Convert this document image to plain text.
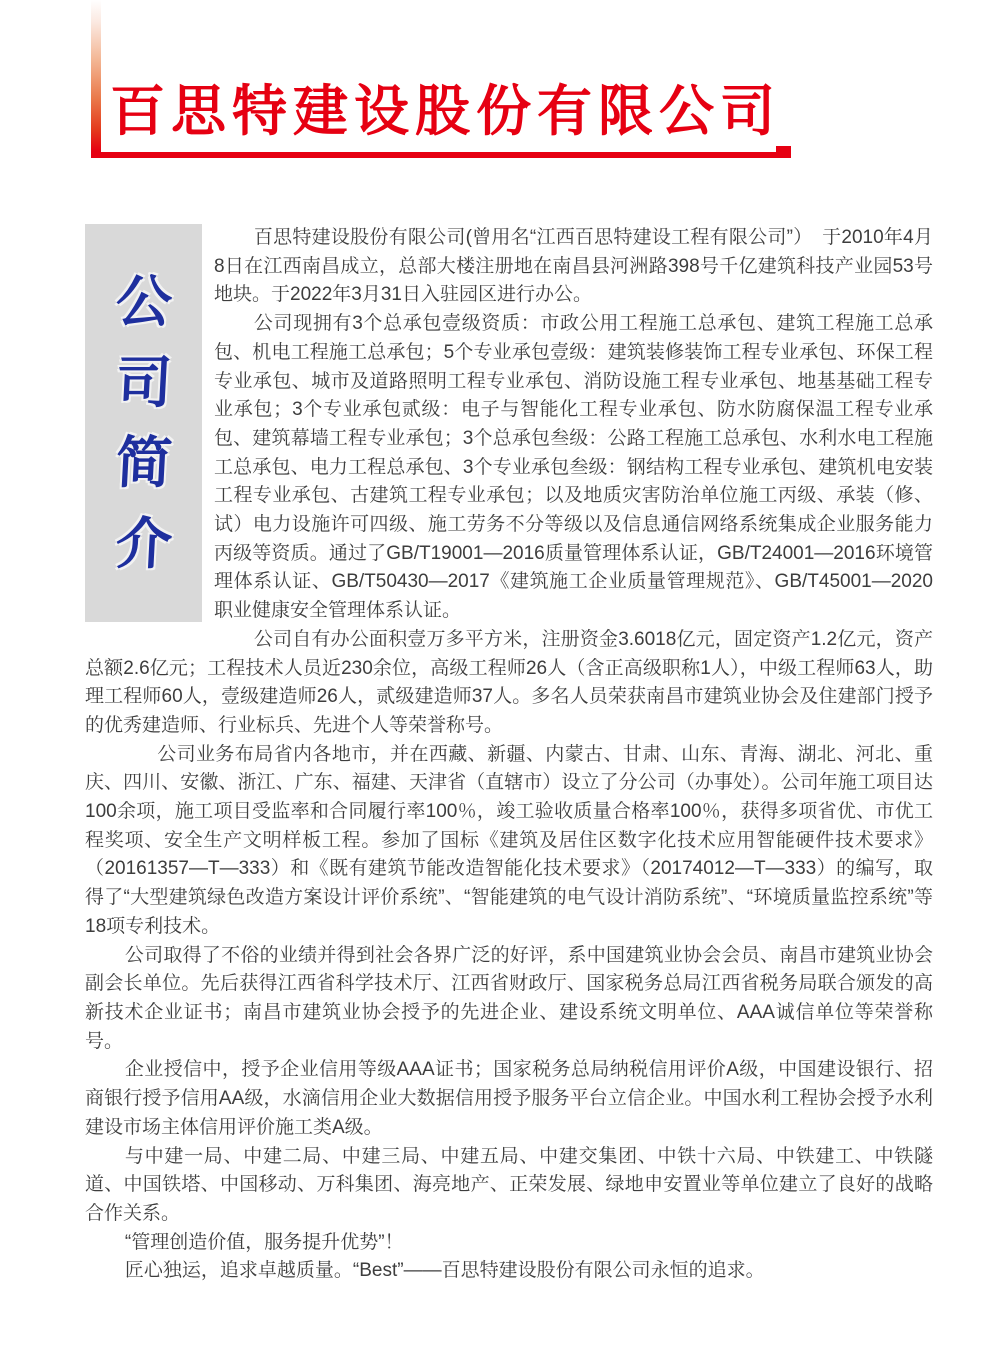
百思特建设股份有限公司
公
司
简
介

百思特建设股份有限公司(曾用名“江西百思特建设工程有限公司”）　于2010年4月8日在江西南昌成立，总部大楼注册地在南昌县河洲路398号千亿建筑科技产业园53号地块。于2022年3月31日入驻园区进行办公。

公司现拥有3个总承包壹级资质：市政公用工程施工总承包、建筑工程施工总承包、机电工程施工总承包；5个专业承包壹级：建筑装修装饰工程专业承包、环保工程专业承包、城市及道路照明工程专业承包、消防设施工程专业承包、地基基础工程专业承包；3个专业承包贰级：电子与智能化工程专业承包、防水防腐保温工程专业承包、建筑幕墙工程专业承包；3个总承包叁级：公路工程施工总承包、水利水电工程施工总承包、电力工程总承包、3个专业承包叁级：钢结构工程专业承包、建筑机电安装工程专业承包、古建筑工程专业承包；以及地质灾害防治单位施工丙级、承装（修、试）电力设施许可四级、施工劳务不分等级以及信息通信网络系统集成企业服务能力丙级等资质。通过了GB/T19001—2016质量管理体系认证，GB/T24001—2016环境管理体系认证、GB/T50430—2017《建筑施工企业质量管理规范》、GB/T45001—2020职业健康安全管理体系认证。

公司自有办公面积壹万多平方米，注册资金3.6018亿元，固定资产1.2亿元，资产总额2.6亿元；工程技术人员近230余位，高级工程师26人（含正高级职称1人），中级工程师63人，助理工程师60人，壹级建造师26人，贰级建造师37人。多名人员荣获南昌市建筑业协会及住建部门授予的优秀建造师、行业标兵、先进个人等荣誉称号。

公司业务布局省内各地市，并在西藏、新疆、内蒙古、甘肃、山东、青海、湖北、河北、重庆、四川、安徽、浙江、广东、福建、天津省（直辖市）设立了分公司（办事处）。公司年施工项目达100余项，施工项目受监率和合同履行率100％，竣工验收质量合格率100％，获得多项省优、市优工程奖项、安全生产文明样板工程。参加了国标《建筑及居住区数字化技术应用智能硬件技术要求》（20161357—T—333）和《既有建筑节能改造智能化技术要求》（20174012—T—333）的编写，取得了“大型建筑绿色改造方案设计评价系统”、“智能建筑的电气设计消防系统”、“环境质量监控系统”等18项专利技术。

公司取得了不俗的业绩并得到社会各界广泛的好评，系中国建筑业协会会员、南昌市建筑业协会副会长单位。先后获得江西省科学技术厅、江西省财政厅、国家税务总局江西省税务局联合颁发的高新技术企业证书；南昌市建筑业协会授予的先进企业、建设系统文明单位、AAA诚信单位等荣誉称号。

企业授信中，授予企业信用等级AAA证书；国家税务总局纳税信用评价A级，中国建设银行、招商银行授予信用AA级，水滴信用企业大数据信用授予服务平台立信企业。中国水利工程协会授予水利建设市场主体信用评价施工类A级。

与中建一局、中建二局、中建三局、中建五局、中建交集团、中铁十六局、中铁建工、中铁隧道、中国铁塔、中国移动、万科集团、海亮地产、正荣发展、绿地申安置业等单位建立了良好的战略合作关系。

“管理创造价值，服务提升优势”！

匠心独运，追求卓越质量。“Best”——百思特建设股份有限公司永恒的追求。
